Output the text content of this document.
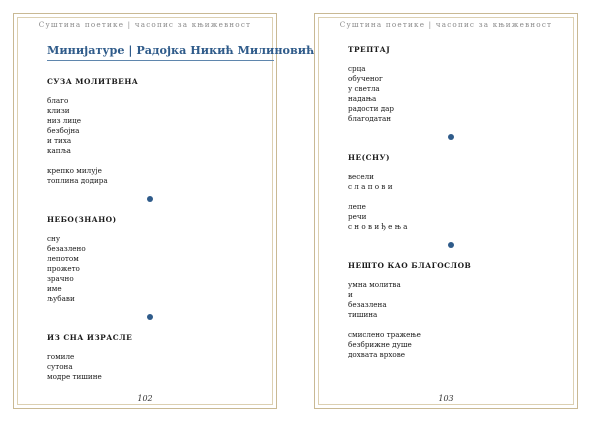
Суштина поетике | часопис за књижевност
Минијатуре | Радојка Никић Милиновић
СУЗА МОЛИТВЕНА
благо
клизи
низ лице
безбојна
и тиха
капља
крепко милује
топлина додира
НЕБО(ЗНАНО)
сну
безазлено
лепотом
прожето
зрачно
име
љубави
ИЗ СНА ИЗРАСЛЕ
гомиле
сутона
модре тишине
102
Суштина поетике | часопис за књижевност
ТРЕПТАЈ
срца
обученог
у светла
надања
радости дар
благодатан
НЕ(СНУ)
весели
с л а п о в и
лепе
речи
с н о в и ђ е њ а
НЕШТО КАО БЛАГОСЛОВ
умна молитва
и
безазлена
тишина
смислено тражење
безбрижне душе
дохвата врхове
103
